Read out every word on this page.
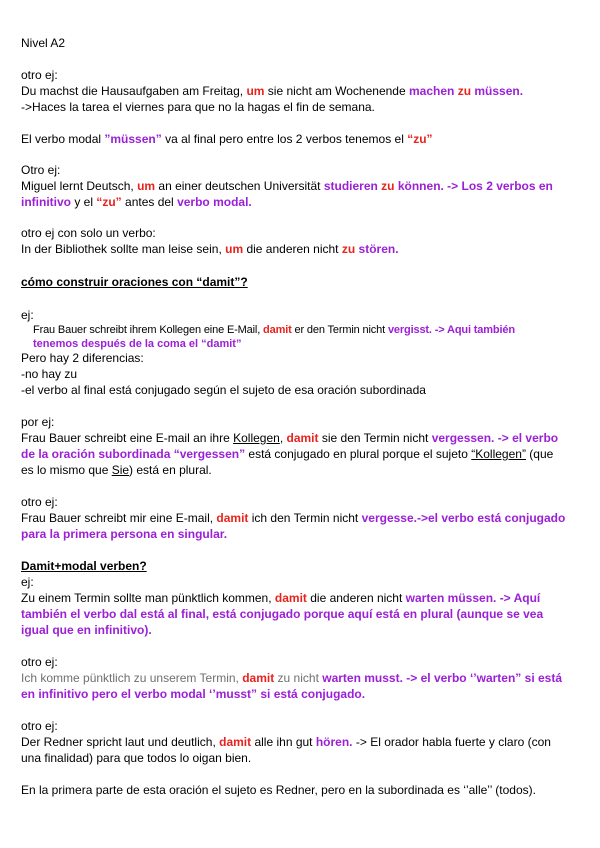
Nivel A2
otro ej:
Du machst die Hausaufgaben am Freitag, um sie nicht am Wochenende machen zu müssen.
->Haces la tarea el viernes para que no la hagas el fin de semana.
El verbo modal ”müssen” va al final pero entre los 2 verbos tenemos el “zu”
Otro ej:
Miguel lernt Deutsch, um an einer deutschen Universität studieren zu können. -> Los 2 verbos en
infinitivo y el “zu” antes del verbo modal.
otro ej con solo un verbo:
In der Bibliothek sollte man leise sein, um die anderen nicht zu stören.
cómo construir oraciones con “damit”?
ej:
Frau Bauer schreibt ihrem Kollegen eine E-Mail, damit er den Termin nicht vergisst. -> Aqui también
tenemos después de la coma el “damit”
Pero hay 2 diferencias:
-no hay zu
-el verbo al final está conjugado según el sujeto de esa oración subordinada
por ej:
Frau Bauer schreibt eine E-mail an ihre Kollegen, damit sie den Termin nicht vergessen. -> el verbo
de la oración subordinada “vergessen” está conjugado en plural porque el sujeto “Kollegen” (que
es lo mismo que Sie) está en plural.
otro ej:
Frau Bauer schreibt mir eine E-mail, damit ich den Termin nicht vergesse.->el verbo está conjugado
para la primera persona en singular.
Damit+modal verben?
ej:
Zu einem Termin sollte man pünktlich kommen, damit die anderen nicht warten müssen. -> Aquí
también el verbo dal está al final, está conjugado porque aquí está en plural (aunque se vea
igual que en infinitivo).
otro ej:
Ich komme pünktlich zu unserem Termin, damit zu nicht warten musst. -> el verbo ‘’warten” si está
en infinitivo pero el verbo modal ‘’musst” si está conjugado.
otro ej:
Der Redner spricht laut und deutlich, damit alle ihn gut hören. -> El orador habla fuerte y claro (con
una finalidad) para que todos lo oigan bien.
En la primera parte de esta oración el sujeto es Redner, pero en la subordinada es ‘’alle’’ (todos).
